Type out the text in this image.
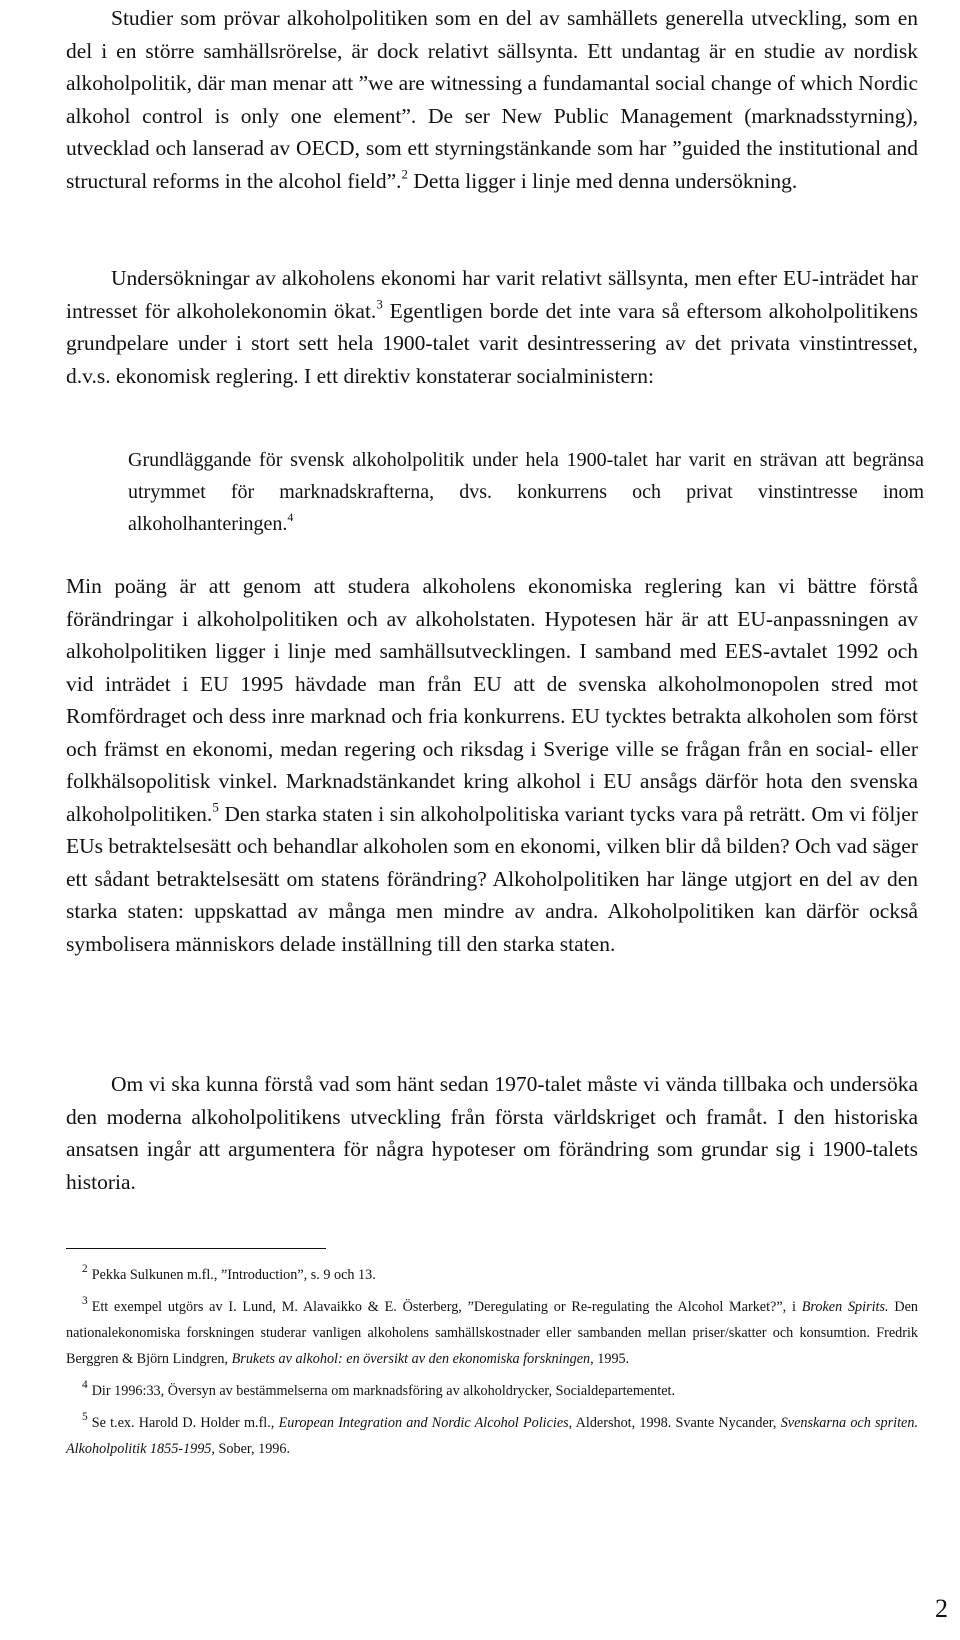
Studier som prövar alkoholpolitiken som en del av samhällets generella utveckling, som en del i en större samhällsrörelse, är dock relativt sällsynta. Ett undantag är en studie av nordisk alkoholpolitik, där man menar att ”we are witnessing a fundamantal social change of which Nordic alkohol control is only one element”. De ser New Public Management (marknadsstyrning), utvecklad och lanserad av OECD, som ett styrningstänkande som har ”guided the institutional and structural reforms in the alcohol field”.$^2$ Detta ligger i linje med denna undersökning.

Undersökningar av alkoholens ekonomi har varit relativt sällsynta, men efter EU-inträdet har intresset för alkoholekonomin ökat.$^3$ Egentligen borde det inte vara så eftersom alkoholpolitikens grundpelare under i stort sett hela 1900-talet varit desintressering av det privata vinstintresset, d.v.s. ekonomisk reglering. I ett direktiv konstaterar socialministern:

Grundläggande för svensk alkoholpolitik under hela 1900-talet har varit en strävan att begränsa utrymmet för marknadskrafterna, dvs. konkurrens och privat vinstintresse inom alkoholhanteringen.$^4$

Min poäng är att genom att studera alkoholens ekonomiska reglering kan vi bättre förstå förändringar i alkoholpolitiken och av alkoholstaten. Hypotesen här är att EU-anpassningen av alkoholpolitiken ligger i linje med samhällsutvecklingen. I samband med EES-avtalet 1992 och vid inträdet i EU 1995 hävdade man från EU att de svenska alkoholmonopolen stred mot Romfördraget och dess inre marknad och fria konkurrens. EU tycktes betrakta alkoholen som först och främst en ekonomi, medan regering och riksdag i Sverige ville se frågan från en social- eller folkhälsopolitisk vinkel. Marknadstänkandet kring alkohol i EU ansågs därför hota den svenska alkoholpolitiken.$^5$ Den starka staten i sin alkoholpolitiska variant tycks vara på reträtt. Om vi följer EUs betraktelsesätt och behandlar alkoholen som en ekonomi, vilken blir då bilden? Och vad säger ett sådant betraktelsesätt om statens förändring? Alkoholpolitiken har länge utgjort en del av den starka staten: uppskattad av många men mindre av andra. Alkoholpolitiken kan därför också symbolisera människors delade inställning till den starka staten.

Om vi ska kunna förstå vad som hänt sedan 1970-talet måste vi vända tillbaka och undersöka den moderna alkoholpolitikens utveckling från första världskriget och framåt. I den historiska ansatsen ingår att argumentera för några hypoteser om förändring som grundar sig i 1900-talets historia.

$^2$ Pekka Sulkunen m.fl., ”Introduction”, s. 9 och 13.

$^3$ Ett exempel utgörs av I. Lund, M. Alavaikko & E. Österberg, ”Deregulating or Re-regulating the Alcohol Market?”, i Broken Spirits. Den nationalekonomiska forskningen studerar vanligen alkoholens samhällskostnader eller sambanden mellan priser/skatter och konsumtion. Fredrik Berggren & Björn Lindgren, Brukets av alkohol: en översikt av den ekonomiska forskningen, 1995.

$^4$ Dir 1996:33, Översyn av bestämmelserna om marknadsföring av alkoholdrycker, Socialdepartementet.

$^5$ Se t.ex. Harold D. Holder m.fl., European Integration and Nordic Alcohol Policies, Aldershot, 1998. Svante Nycander, Svenskarna och spriten. Alkoholpolitik 1855-1995, Sober, 1996.

2
